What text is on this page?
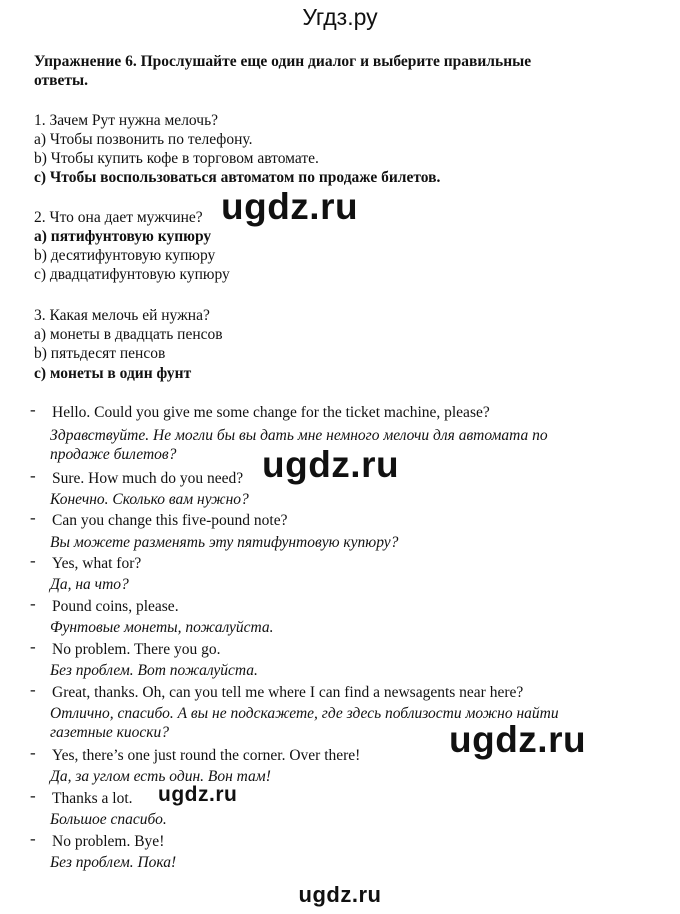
Угдз.ру
Упражнение 6. Прослушайте еще один диалог и выберите правильные
ответы.
1. Зачем Рут нужна мелочь?
а) Чтобы позвонить по телефону.
b) Чтобы купить кофе в торговом автомате.
c) Чтобы воспользоваться автоматом по продаже билетов.
2. Что она дает мужчине?
а) пятифунтовую купюру
b) десятифунтовую купюру
c) двадцатифунтовую купюру
3. Какая мелочь ей нужна?
а) монеты в двадцать пенсов
b) пятьдесят пенсов
c) монеты в один фунт
- Hello. Could you give me some change for the ticket machine, please?
Здравствуйте. Не могли бы вы дать мне немного мелочи для автомата по
продаже билетов?
- Sure. How much do you need?
Конечно. Сколько вам нужно?
- Can you change this five-pound note?
Вы можете разменять эту пятифунтовую купюру?
- Yes, what for?
Да, на что?
- Pound coins, please.
Фунтовые монеты, пожалуйста.
- No problem. There you go.
Без проблем. Вот пожалуйста.
- Great, thanks. Oh, can you tell me where I can find a newsagents near here?
Отлично, спасибо. А вы не подскажете, где здесь поблизости можно найти
газетные киоски?
- Yes, there’s one just round the corner. Over there!
Да, за углом есть один. Вон там!
- Thanks a lot.
Большое спасибо.
- No problem. Bye!
Без проблем. Пока!
ugdz.ru
ugdz.ru
ugdz.ru
ugdz.ru
ugdz.ru
